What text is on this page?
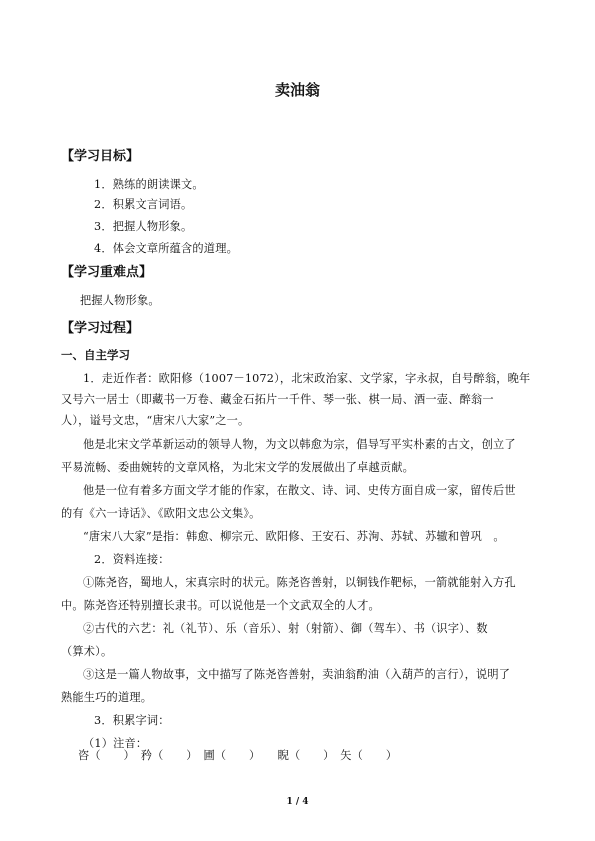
卖油翁
【学习目标】
1．熟练的朗读课文。
2．积累文言词语。
3．把握人物形象。
4．体会文章所蕴含的道理。
【学习重难点】
把握人物形象。
【学习过程】
一、自主学习
1．走近作者：欧阳修（1007－1072），北宋政治家、文学家，字永叔，自号醉翁，晚年
又号六一居士（即藏书一万卷、藏金石拓片一千件、琴一张、棋一局、酒一壶、醉翁一
人），谥号文忠，“唐宋八大家”之一。
他是北宋文学革新运动的领导人物，为文以韩愈为宗，倡导写平实朴素的古文，创立了
平易流畅、委曲婉转的文章风格，为北宋文学的发展做出了卓越贡献。
他是一位有着多方面文学才能的作家，在散文、诗、词、史传方面自成一家，留传后世
的有《六一诗话》、《欧阳文忠公文集》。
“唐宋八大家”是指：韩愈、柳宗元、欧阳修、王安石、苏洵、苏轼、苏辙和曾巩　。
2．资料连接：
①陈尧咨，蜀地人，宋真宗时的状元。陈尧咨善射，以铜钱作靶标，一箭就能射入方孔
中。陈尧咨还特别擅长隶书。可以说他是一个文武双全的人才。
②古代的六艺：礼（礼节）、乐（音乐）、射（射箭）、御（驾车）、书（识字）、数
（算术）。
③这是一篇人物故事，文中描写了陈尧咨善射，卖油翁酌油（入葫芦的言行），说明了
熟能生巧的道理。
3．积累字词：
（1）注音：
咨（　　）　矜（　　）　圃（　　）　　睨（　　）　矢（　　）
1 / 4
